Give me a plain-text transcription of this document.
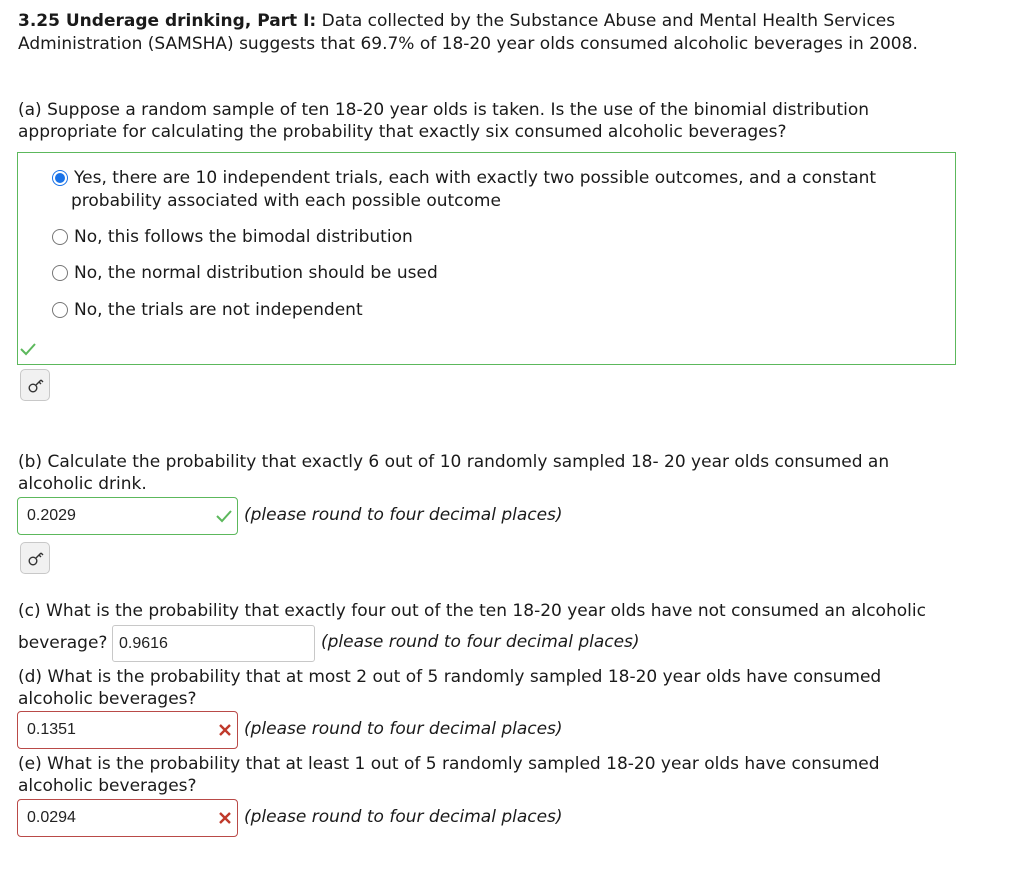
3.25 Underage drinking, Part I: Data collected by the Substance Abuse and Mental Health Services
Administration (SAMSHA) suggests that 69.7% of 18-20 year olds consumed alcoholic beverages in 2008.
(a) Suppose a random sample of ten 18-20 year olds is taken. Is the use of the binomial distribution
appropriate for calculating the probability that exactly six consumed alcoholic beverages?
Yes, there are 10 independent trials, each with exactly two possible outcomes, and a constant
probability associated with each possible outcome
No, this follows the bimodal distribution
No, the normal distribution should be used
No, the trials are not independent
(b) Calculate the probability that exactly 6 out of 10 randomly sampled 18- 20 year olds consumed an
alcoholic drink.
0.2029	(please round to four decimal places)
(c) What is the probability that exactly four out of the ten 18-20 year olds have not consumed an alcoholic
beverage? 0.9616	(please round to four decimal places)
(d) What is the probability that at most 2 out of 5 randomly sampled 18-20 year olds have consumed
alcoholic beverages?
0.1351	(please round to four decimal places)
(e) What is the probability that at least 1 out of 5 randomly sampled 18-20 year olds have consumed
alcoholic beverages?
0.0294	(please round to four decimal places)
